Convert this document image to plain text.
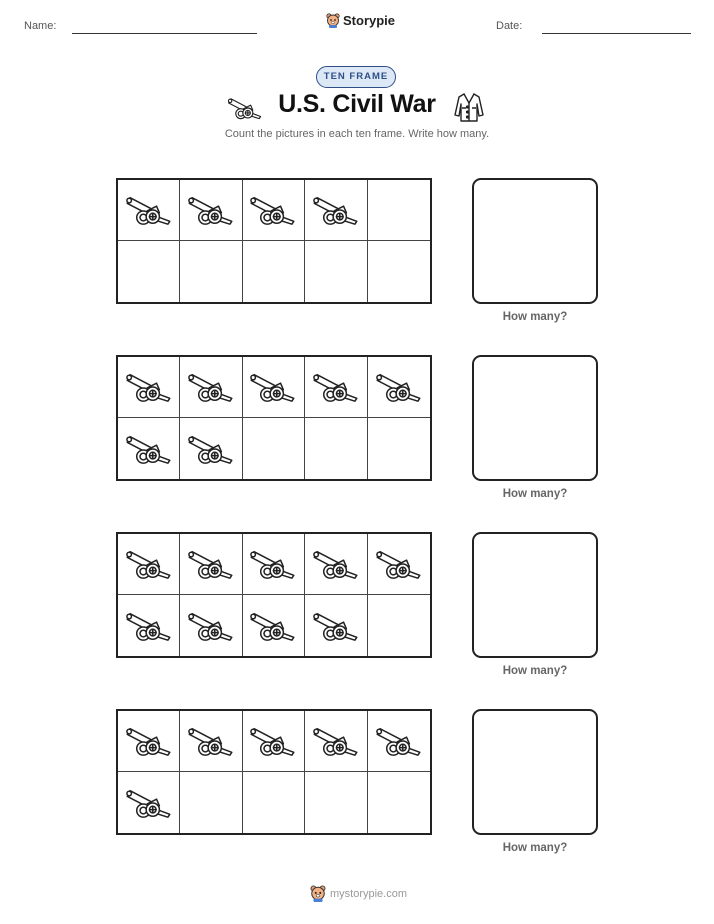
Name:	Storypie	Date:
TEN FRAME
U.S. Civil War
Count the pictures in each ten frame. Write how many.
How many?
How many?
How many?
How many?
mystorypie.com
